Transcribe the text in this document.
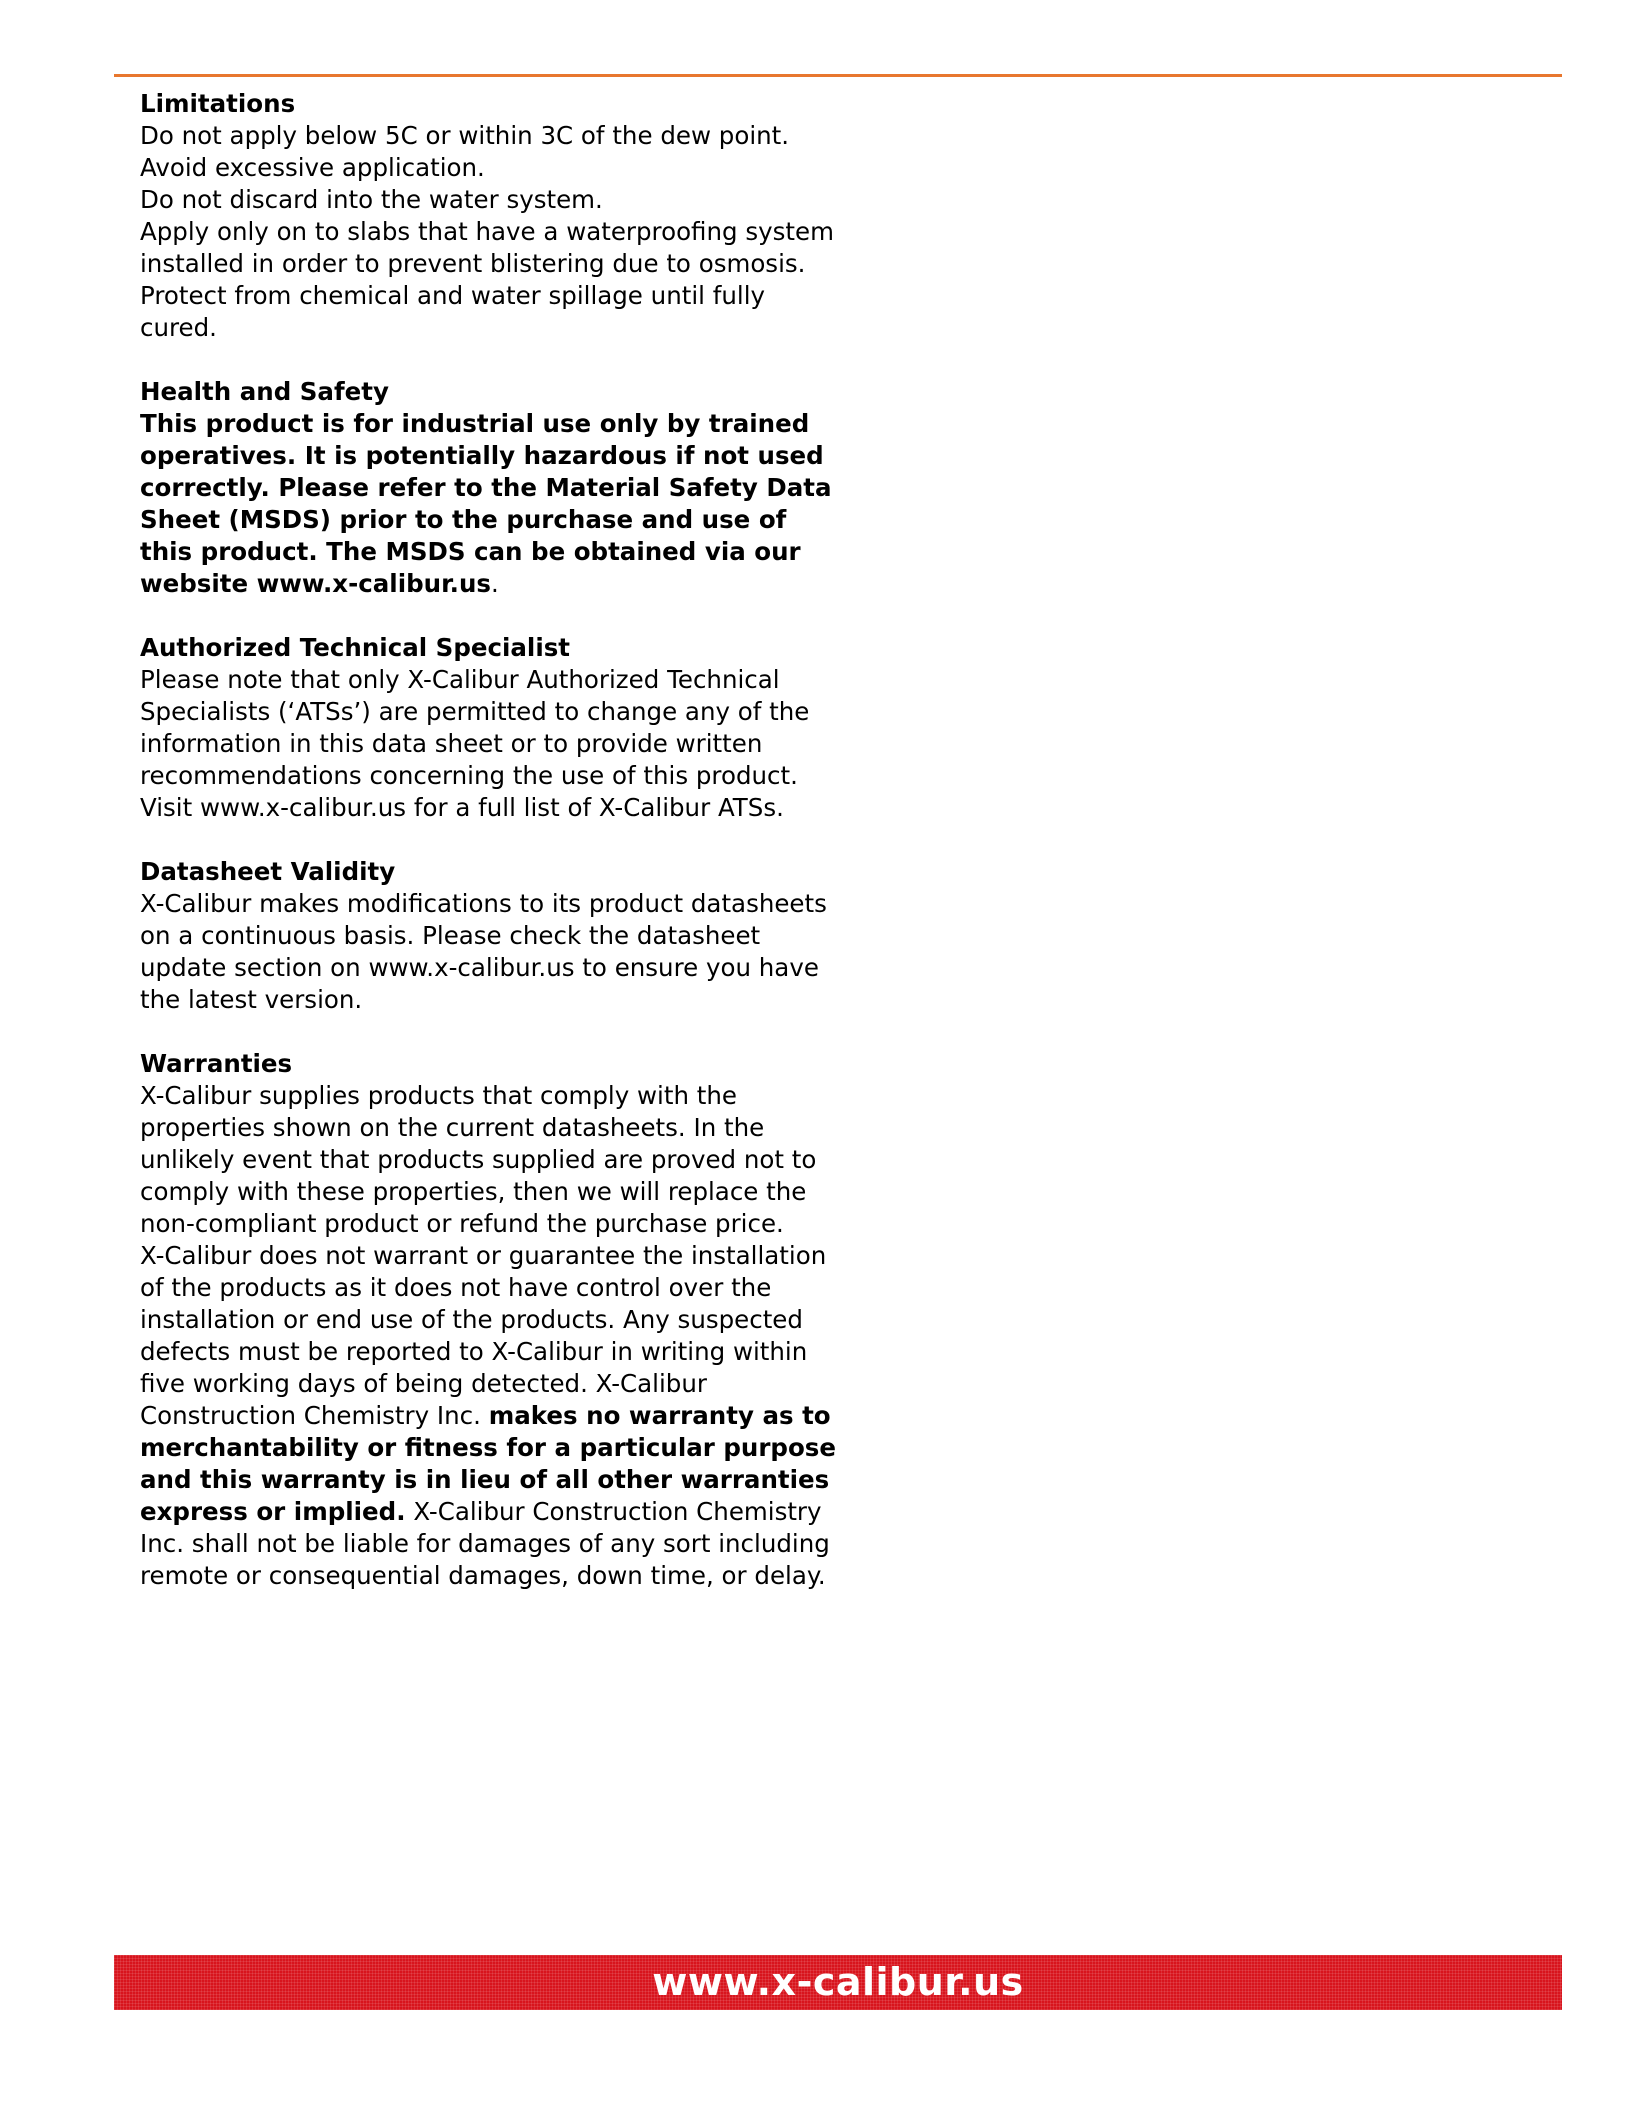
Limitations
Do not apply below 5C or within 3C of the dew point.
Avoid excessive application.
Do not discard into the water system.
Apply only on to slabs that have a waterproofing system
installed in order to prevent blistering due to osmosis.
Protect from chemical and water spillage until fully
cured.
Health and Safety
This product is for industrial use only by trained
operatives. It is potentially hazardous if not used
correctly. Please refer to the Material Safety Data
Sheet (MSDS) prior to the purchase and use of
this product. The MSDS can be obtained via our
website www.x-calibur.us.
Authorized Technical Specialist
Please note that only X-Calibur Authorized Technical
Specialists (‘ATSs’) are permitted to change any of the
information in this data sheet or to provide written
recommendations concerning the use of this product.
Visit www.x-calibur.us for a full list of X-Calibur ATSs.
Datasheet Validity
X-Calibur makes modifications to its product datasheets
on a continuous basis. Please check the datasheet
update section on www.x-calibur.us to ensure you have
the latest version.
Warranties
X-Calibur supplies products that comply with the
properties shown on the current datasheets. In the
unlikely event that products supplied are proved not to
comply with these properties, then we will replace the
non-compliant product or refund the purchase price.
X-Calibur does not warrant or guarantee the installation
of the products as it does not have control over the
installation or end use of the products. Any suspected
defects must be reported to X-Calibur in writing within
five working days of being detected. X-Calibur
Construction Chemistry Inc. makes no warranty as to
merchantability or fitness for a particular purpose
and this warranty is in lieu of all other warranties
express or implied. X-Calibur Construction Chemistry
Inc. shall not be liable for damages of any sort including
remote or consequential damages, down time, or delay.
www.x-calibur.us
